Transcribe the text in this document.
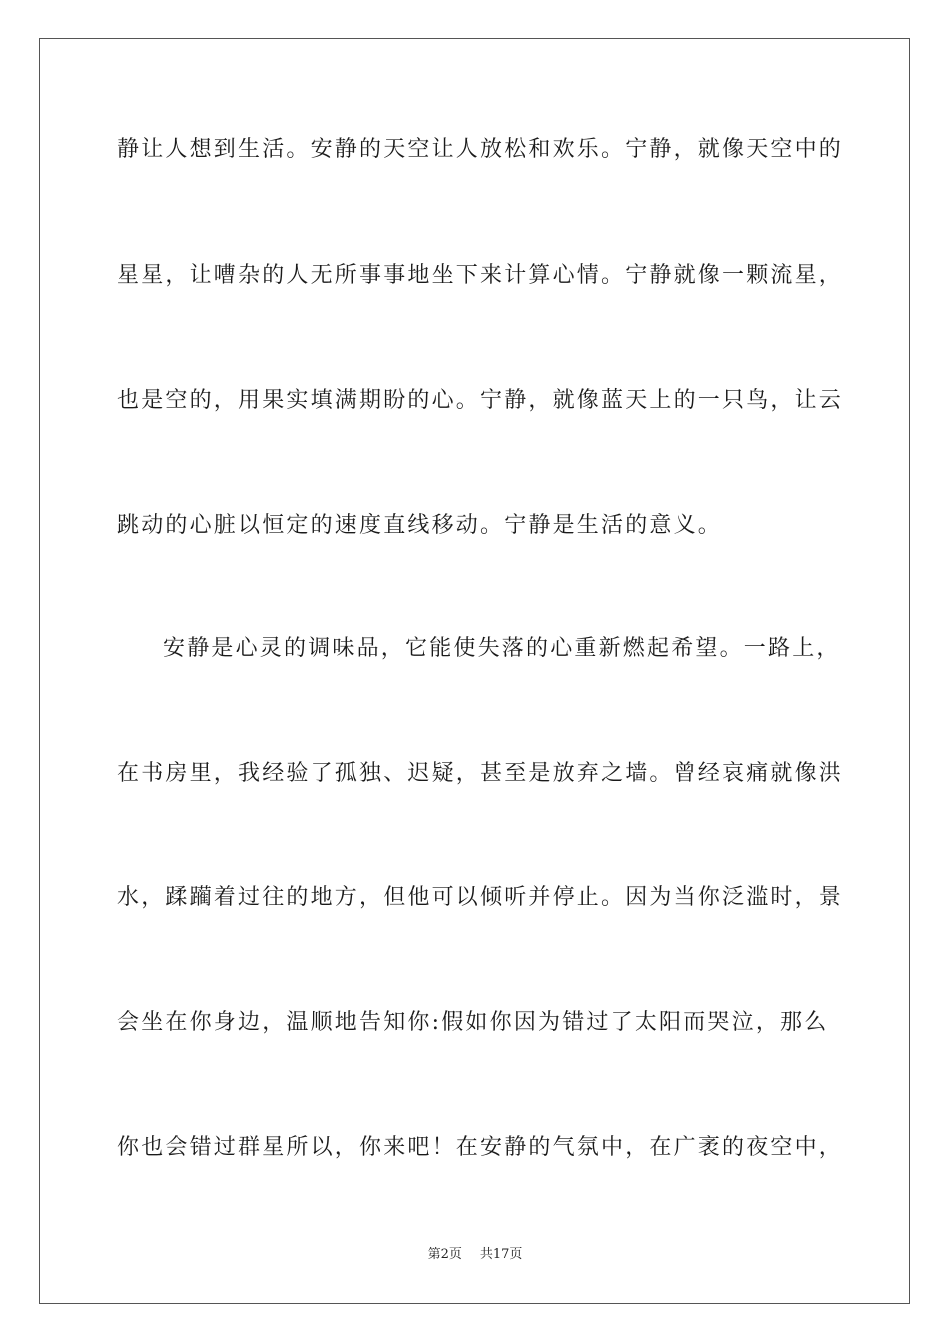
静让人想到生活。安静的天空让人放松和欢乐。宁静，就像天空中的
星星，让嘈杂的人无所事事地坐下来计算心情。宁静就像一颗流星，
也是空的，用果实填满期盼的心。宁静，就像蓝天上的一只鸟，让云
跳动的心脏以恒定的速度直线移动。宁静是生活的意义。
安静是心灵的调味品，它能使失落的心重新燃起希望。一路上，
在书房里，我经验了孤独、迟疑，甚至是放弃之墙。曾经哀痛就像洪
水，蹂躏着过往的地方，但他可以倾听并停止。因为当你泛滥时，景
会坐在你身边，温顺地告知你:假如你因为错过了太阳而哭泣，那么
你也会错过群星所以，你来吧！在安静的气氛中，在广袤的夜空中，
第2页 共17页
